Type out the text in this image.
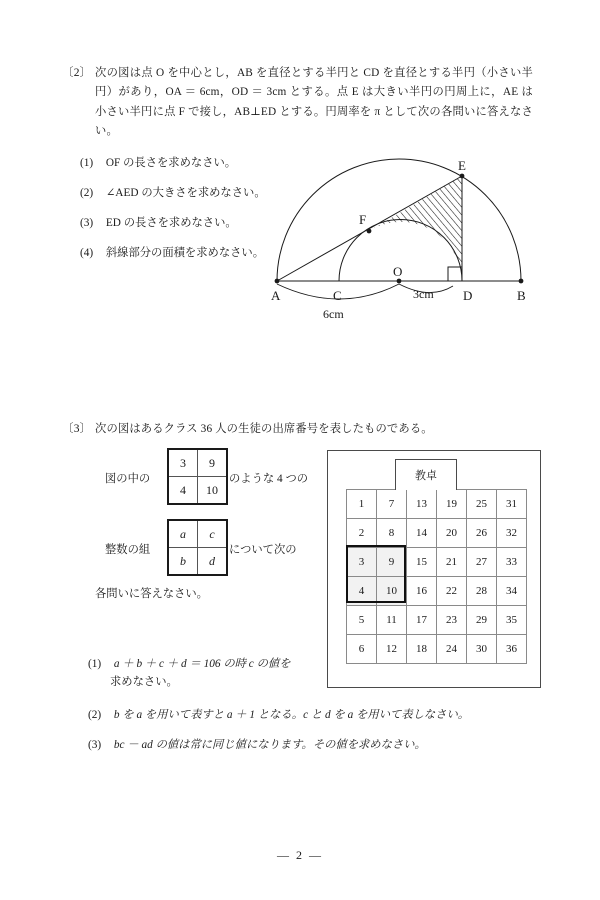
〔2〕 次の図は点 O を中心とし，AB を直径とする半円と CD を直径とする半円（小さい半円）があり，OA ＝ 6cm，OD ＝ 3cm とする。点 E は大きい半円の円周上に，AE は小さい半円に点 F で接し，AB⊥ED とする。円周率を π として次の各問いに答えなさい。
(1) OF の長さを求めなさい。
(2) ∠AED の大きさを求めなさい。
(3) ED の長さを求めなさい。
(4) 斜線部分の面積を求めなさい。
A	C
O
D	B
E
F
6cm
3cm
〔3〕 次の図はあるクラス 36 人の生徒の出席番号を表したものである。
図の中の
3	9
4	10
のような 4 つの
整数の組
a	c
b	d
について次の
各問いに答えなさい。
教卓
1	7	13	19	25	31
2	8	14	20	26	32
3	9	15	21	27	33
4	10	16	22	28	34
5	11	17	23	29	35
6	12	18	24	30	36
(1) a ＋ b ＋ c ＋ d ＝ 106 の時 c の値を
求めなさい。
(2) b を a を用いて表すと a ＋ 1 となる。c と d を a を用いて表しなさい。
(3) bc － ad の値は常に同じ値になります。その値を求めなさい。
— 2 —
